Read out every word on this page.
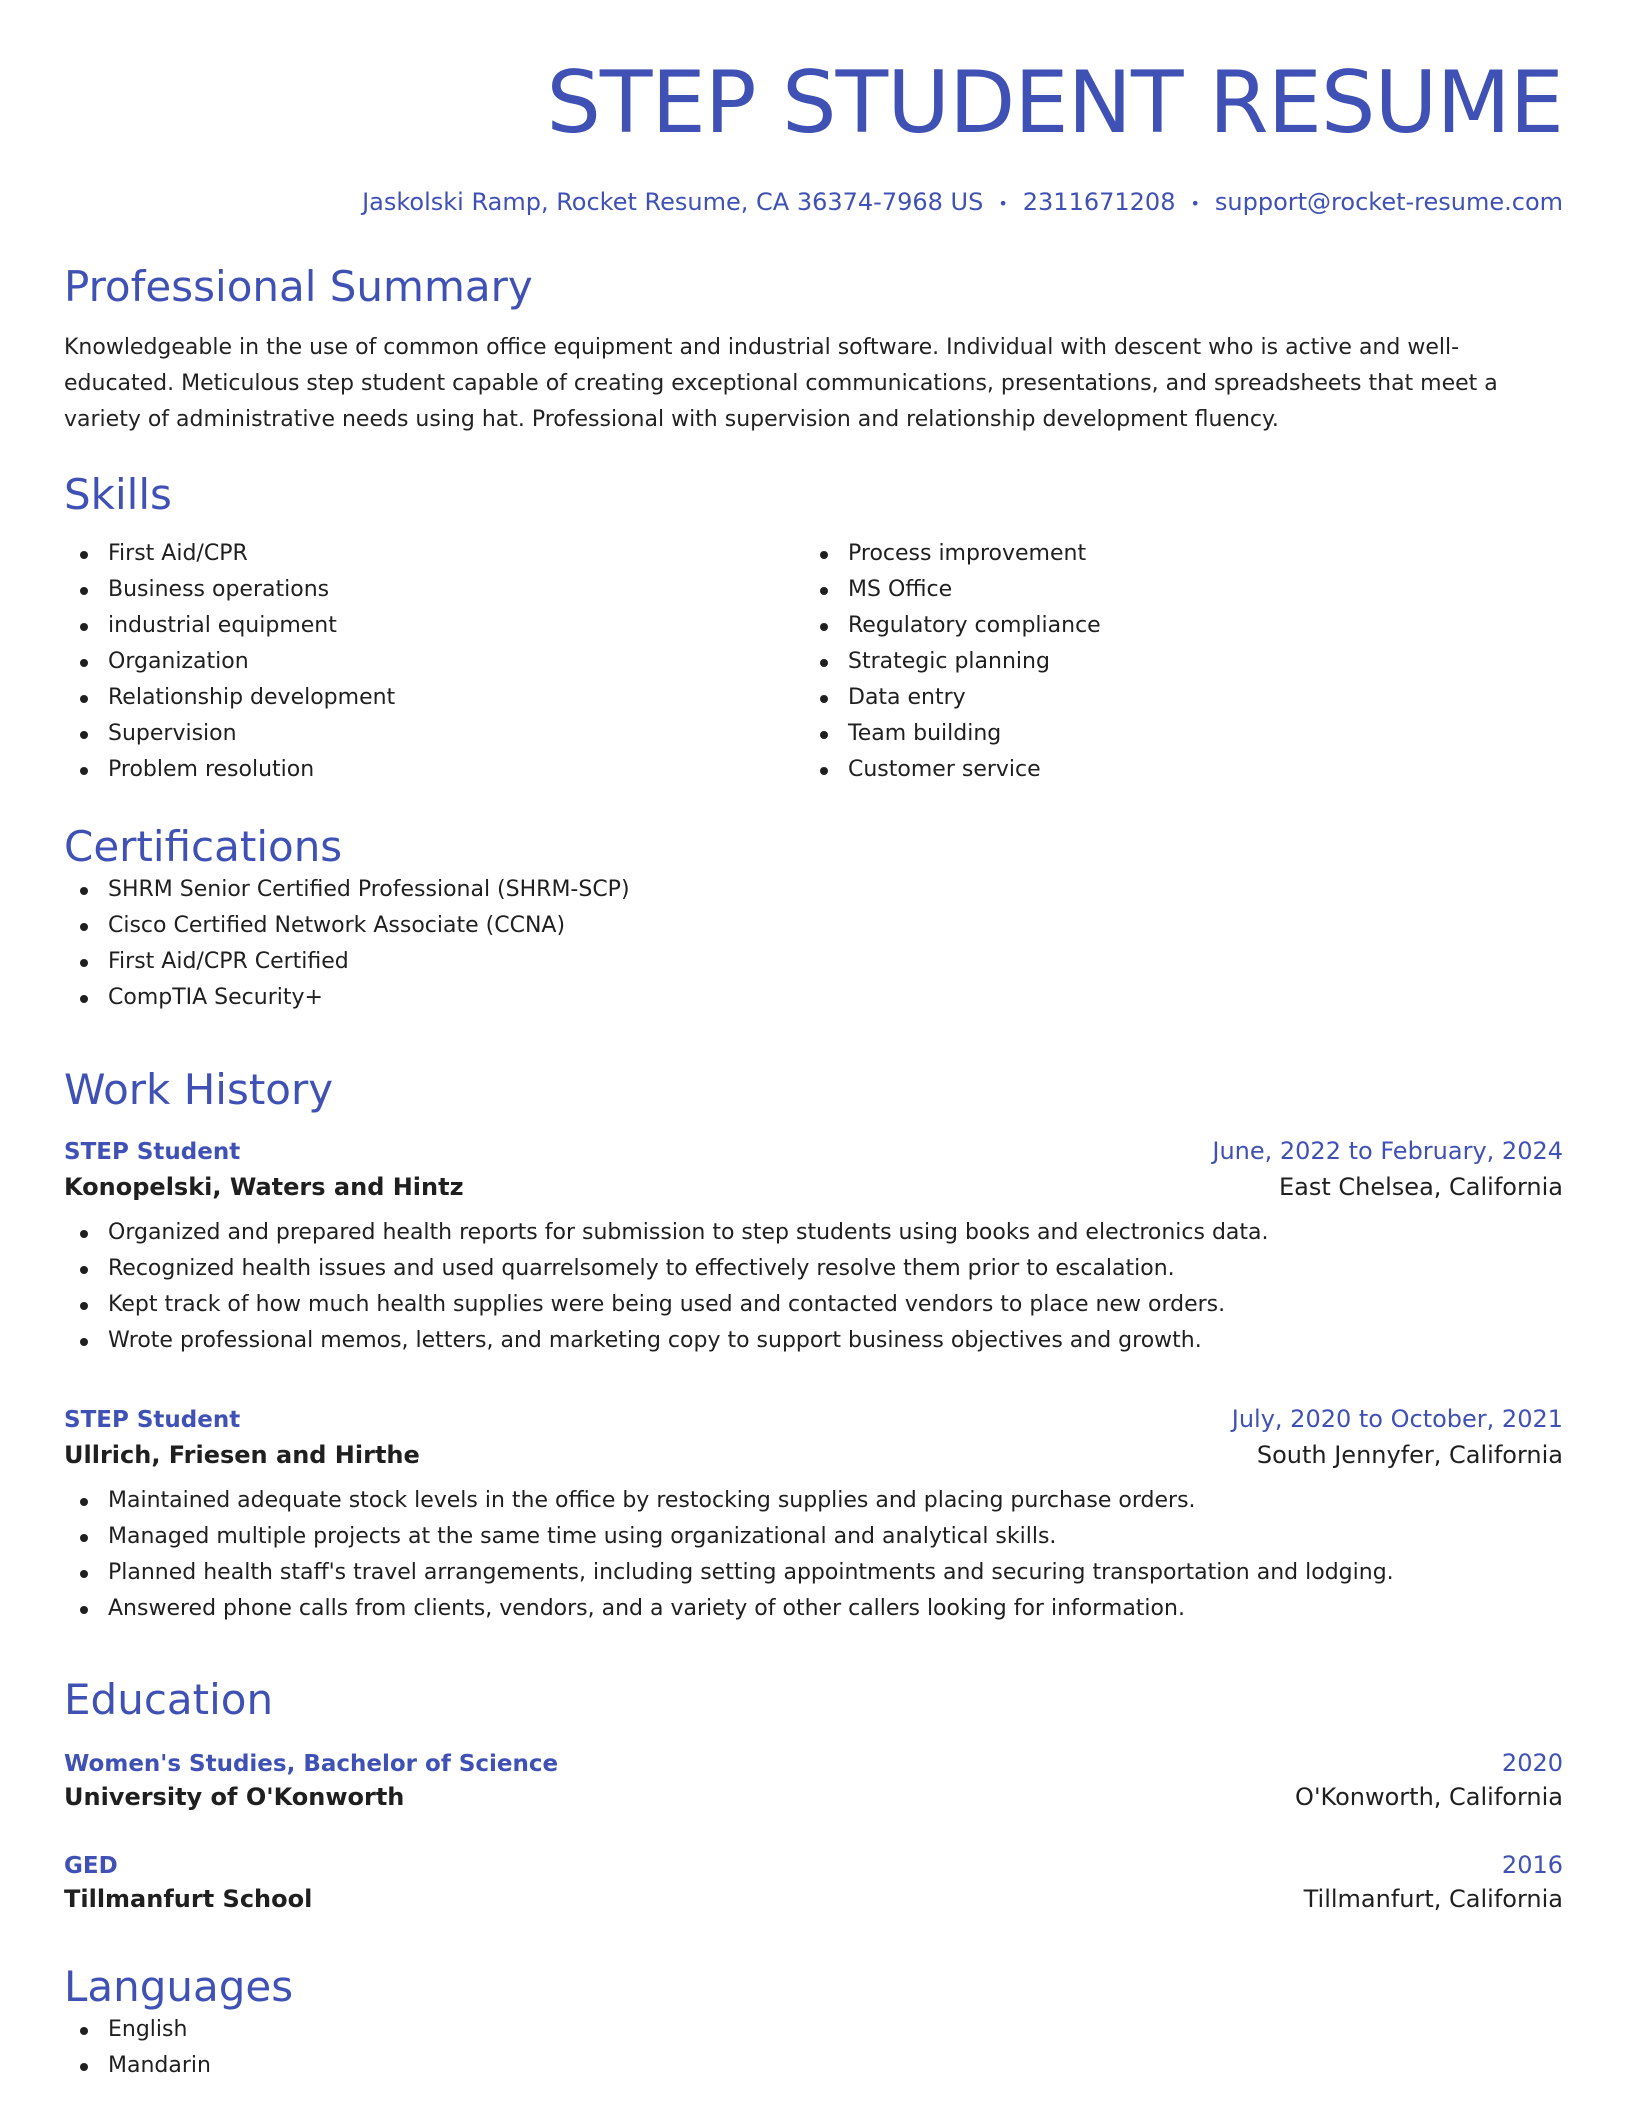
STEP STUDENT RESUME
Jaskolski Ramp, Rocket Resume, CA 36374-7968 US • 2311671208 • support@rocket-resume.com
Professional Summary

Knowledgeable in the use of common office equipment and industrial software. Individual with descent who is active and well-educated. Meticulous step student capable of creating exceptional communications, presentations, and spreadsheets that meet a variety of administrative needs using hat. Professional with supervision and relationship development fluency.

Skills
First Aid/CPR
Business operations
industrial equipment
Organization
Relationship development
Supervision
Problem resolution
Process improvement
MS Office
Regulatory compliance
Strategic planning
Data entry
Team building
Customer service
Certifications
SHRM Senior Certified Professional (SHRM-SCP)
Cisco Certified Network Associate (CCNA)
First Aid/CPR Certified
CompTIA Security+
Work History
STEP Student	June, 2022 to February, 2024
Konopelski, Waters and Hintz	East Chelsea, California
Organized and prepared health reports for submission to step students using books and electronics data.
Recognized health issues and used quarrelsomely to effectively resolve them prior to escalation.
Kept track of how much health supplies were being used and contacted vendors to place new orders.
Wrote professional memos, letters, and marketing copy to support business objectives and growth.
STEP Student	July, 2020 to October, 2021
Ullrich, Friesen and Hirthe	South Jennyfer, California
Maintained adequate stock levels in the office by restocking supplies and placing purchase orders.
Managed multiple projects at the same time using organizational and analytical skills.
Planned health staff's travel arrangements, including setting appointments and securing transportation and lodging.
Answered phone calls from clients, vendors, and a variety of other callers looking for information.
Education
Women's Studies, Bachelor of Science	2020
University of O'Konworth	O'Konworth, California
GED	2016
Tillmanfurt School	Tillmanfurt, California
Languages
English
Mandarin
